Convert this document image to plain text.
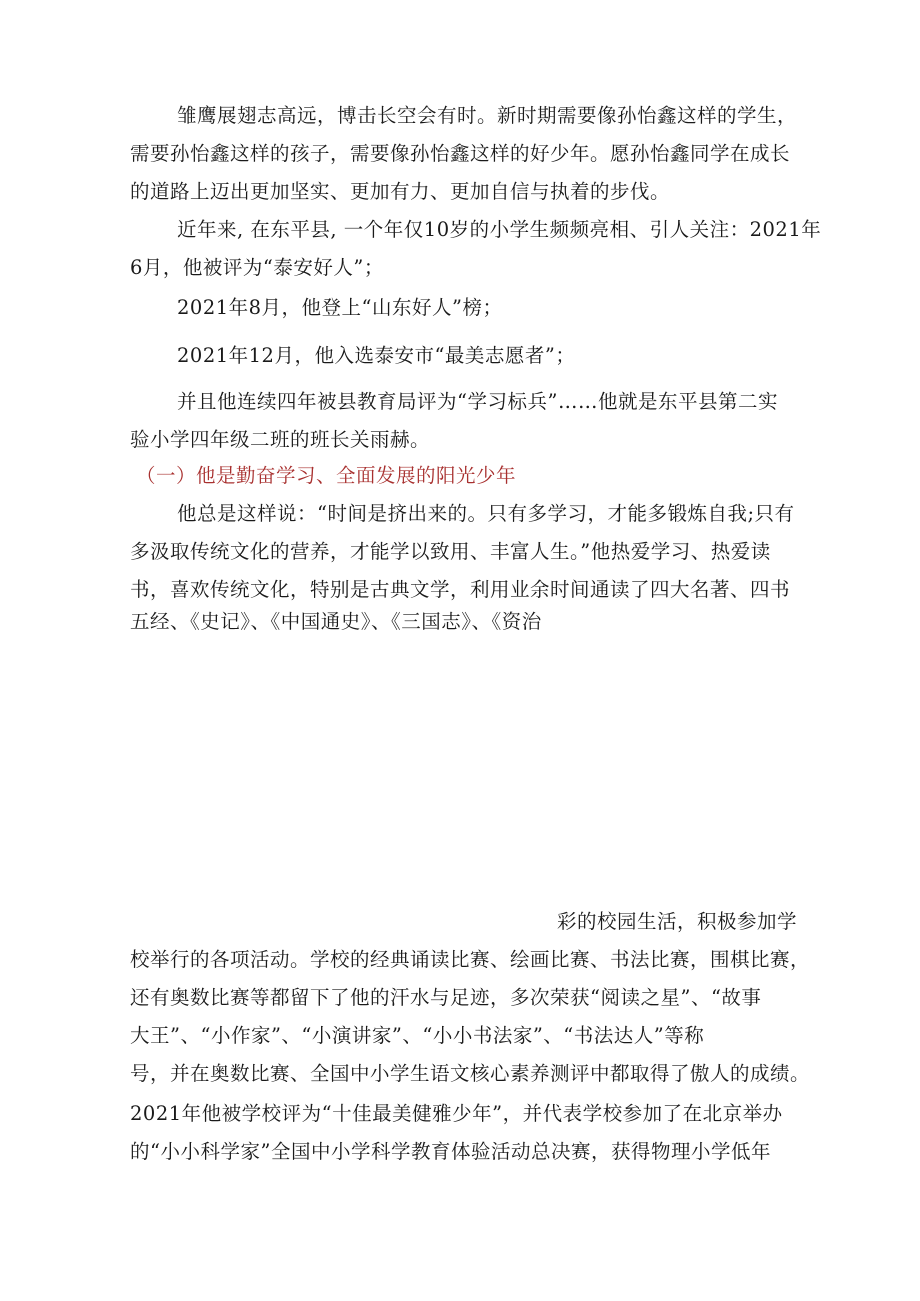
雏鹰展翅志高远，博击长空会有时。新时期需要像孙怡鑫这样的学生，
需要孙怡鑫这样的孩子，需要像孙怡鑫这样的好少年。愿孙怡鑫同学在成长
的道路上迈出更加坚实、更加有力、更加自信与执着的步伐。
近年来, 在东平县, 一个年仅10岁的小学生频频亮相、引人关注：2021年
6月，他被评为“泰安好人”；
2021年8月，他登上“山东好人”榜；
2021年12月，他入选泰安市“最美志愿者”；
并且他连续四年被县教育局评为“学习标兵”……他就是东平县第二实
验小学四年级二班的班长关雨赫。
（一）他是勤奋学习、全面发展的阳光少年
他总是这样说：“时间是挤出来的。只有多学习，才能多锻炼自我;只有
多汲取传统文化的营养，才能学以致用、丰富人生。”他热爱学习、热爱读
书，喜欢传统文化，特别是古典文学，利用业余时间通读了四大名著、四书
五经、《史记》、《中国通史》、《三国志》、《资治
彩的校园生活，积极参加学
校举行的各项活动。学校的经典诵读比赛、绘画比赛、书法比赛，围棋比赛，
还有奥数比赛等都留下了他的汗水与足迹，多次荣获“阅读之星”、“故事
大王”、“小作家”、“小演讲家”、“小小书法家”、“书法达人”等称
号，并在奥数比赛、全国中小学生语文核心素养测评中都取得了傲人的成绩。
2021年他被学校评为“十佳最美健雅少年”，并代表学校参加了在北京举办
的“小小科学家”全国中小学科学教育体验活动总决赛，获得物理小学低年
